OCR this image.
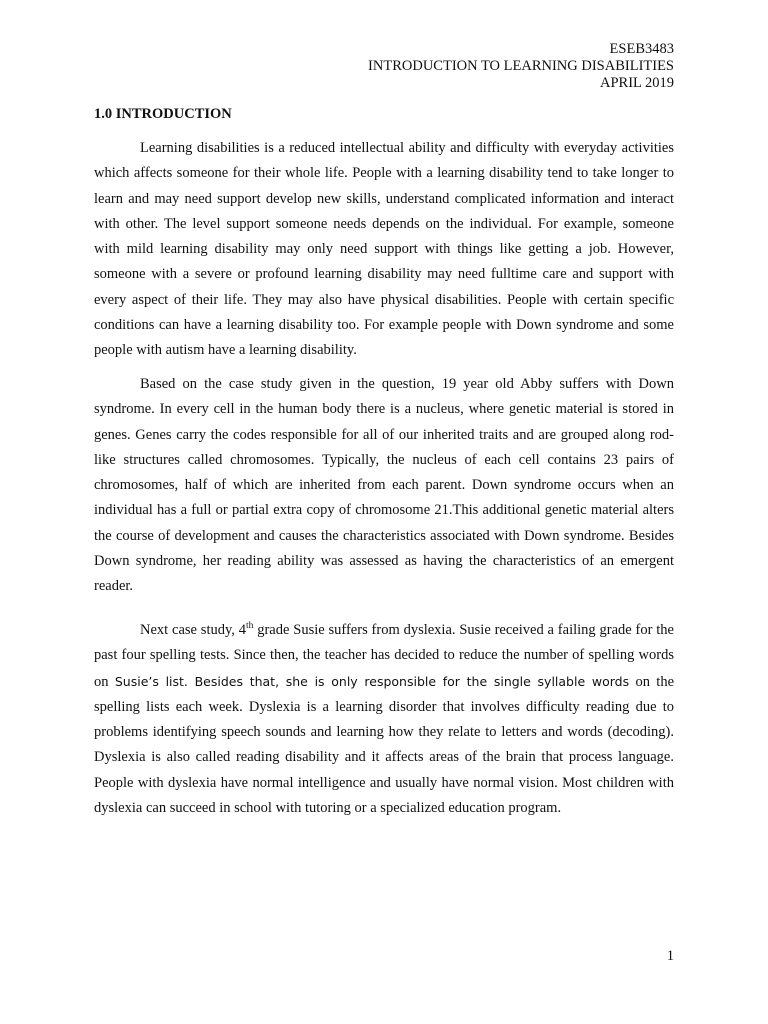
ESEB3483
INTRODUCTION TO LEARNING DISABILITIES
APRIL 2019
1.0 INTRODUCTION

Learning disabilities is a reduced intellectual ability and difficulty with everyday activities which affects someone for their whole life. People with a learning disability tend to take longer to learn and may need support develop new skills, understand complicated information and interact with other. The level support someone needs depends on the individual. For example, someone with mild learning disability may only need support with things like getting a job. However, someone with a severe or profound learning disability may need fulltime care and support with every aspect of their life. They may also have physical disabilities. People with certain specific conditions can have a learning disability too. For example people with Down syndrome and some people with autism have a learning disability.

Based on the case study given in the question, 19 year old Abby suffers with Down syndrome. In every cell in the human body there is a nucleus, where genetic material is stored in genes. Genes carry the codes responsible for all of our inherited traits and are grouped along rod-like structures called chromosomes. Typically, the nucleus of each cell contains 23 pairs of chromosomes, half of which are inherited from each parent. Down syndrome occurs when an individual has a full or partial extra copy of chromosome 21.This additional genetic material alters the course of development and causes the characteristics associated with Down syndrome. Besides Down syndrome, her reading ability was assessed as having the characteristics of an emergent reader.

Next case study, 4th grade Susie suffers from dyslexia. Susie received a failing grade for the past four spelling tests. Since then, the teacher has decided to reduce the number of spelling words on Susie’s list. Besides that, she is only responsible for the single syllable words on the spelling lists each week. Dyslexia is a learning disorder that involves difficulty reading due to problems identifying speech sounds and learning how they relate to letters and words (decoding). Dyslexia is also called reading disability and it affects areas of the brain that process language. People with dyslexia have normal intelligence and usually have normal vision. Most children with dyslexia can succeed in school with tutoring or a specialized education program.

1
